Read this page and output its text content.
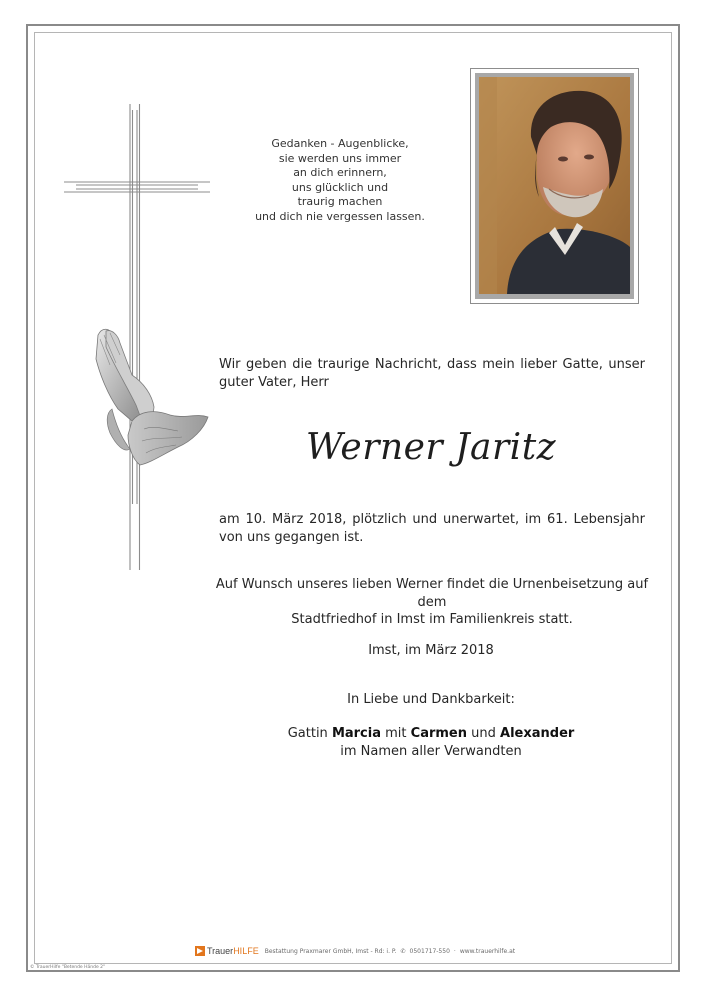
Gedanken - Augenblicke,
sie werden uns immer
an dich erinnern,
uns glücklich und
traurig machen
und dich nie vergessen lassen.
Wir geben die traurige Nachricht, dass mein lieber Gatte, unser guter Vater, Herr
Werner Jaritz
am 10. März 2018, plötzlich und unerwartet, im 61. Lebensjahr von uns gegangen ist.
Auf Wunsch unseres lieben Werner findet die Urnenbeisetzung auf dem
Stadtfriedhof in Imst im Familienkreis statt.
Imst, im März 2018
In Liebe und Dankbarkeit:
Gattin Marcia mit Carmen und Alexander
im Namen aller Verwandten
TrauerHILFE Bestattung Praxmarer GmbH, Imst - Rd: i. P. ✆ 0501717-550 · www.trauerhilfe.at
© TrauerHilfe "Betende Hände 2"
